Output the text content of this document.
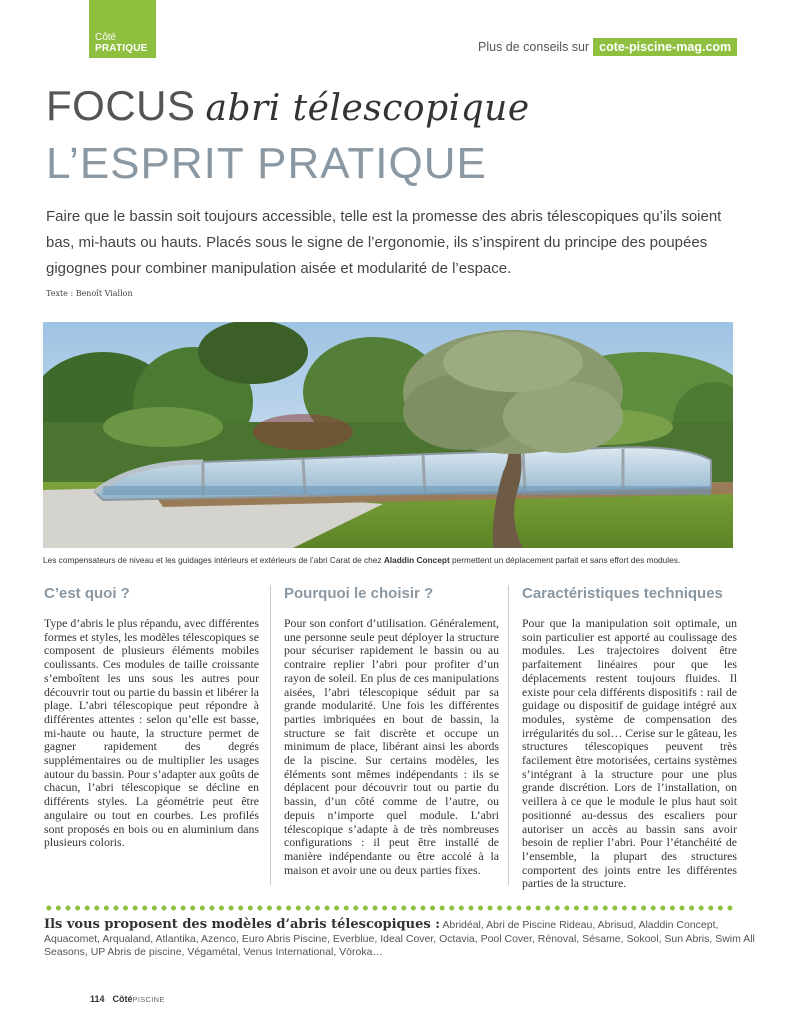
Côté
PRATIQUE	Plus de conseils sur cote-piscine-mag.com
FOCUS abri télescopique
L’ESPRIT PRATIQUE

Faire que le bassin soit toujours accessible, telle est la promesse des abris télescopiques qu’ils soient bas, mi-hauts ou hauts. Placés sous le signe de l’ergonomie, ils s’inspirent du principe des poupées gigognes pour combiner manipulation aisée et modularité de l’espace.

Texte : Benoît Viallon
Les compensateurs de niveau et les guidages intérieurs et extérieurs de l’abri Carat de chez Aladdin Concept permettent un déplacement parfait et sans effort des modules.
C’est quoi ?

Type d’abris le plus répandu, avec différentes formes et styles, les modèles télescopiques se composent de plusieurs éléments mobiles coulissants. Ces modules de taille croissante s’emboîtent les uns sous les autres pour découvrir tout ou partie du bassin et libérer la plage. L’abri télescopique peut répondre à différentes attentes : selon qu’elle est basse, mi-haute ou haute, la structure permet de gagner rapidement des degrés supplémentaires ou de multiplier les usages autour du bassin. Pour s’adapter aux goûts de chacun, l’abri télescopique se décline en différents styles. La géométrie peut être angulaire ou tout en courbes. Les profilés sont proposés en bois ou en aluminium dans plusieurs coloris.

Pourquoi le choisir ?

Pour son confort d’utilisation. Généralement, une personne seule peut déployer la structure pour sécuriser rapidement le bassin ou au contraire replier l’abri pour profiter d’un rayon de soleil. En plus de ces manipulations aisées, l’abri télescopique séduit par sa grande modularité. Une fois les différentes parties imbriquées en bout de bassin, la structure se fait discrète et occupe un minimum de place, libérant ainsi les abords de la piscine. Sur certains modèles, les éléments sont mêmes indépendants : ils se déplacent pour découvrir tout ou partie du bassin, d’un côté comme de l’autre, ou depuis n’importe quel module. L’abri télescopique s’adapte à de très nombreuses configurations : il peut être installé de manière indépendante ou être accolé à la maison et avoir une ou deux parties fixes.

Caractéristiques techniques

Pour que la manipulation soit optimale, un soin particulier est apporté au coulissage des modules. Les trajectoires doivent être parfaitement linéaires pour que les déplacements restent toujours fluides. Il existe pour cela différents dispositifs : rail de guidage ou dispositif de guidage intégré aux modules, système de compensation des irrégularités du sol… Cerise sur le gâteau, les structures télescopiques peuvent très facilement être motorisées, certains systèmes s’intégrant à la structure pour une plus grande discrétion. Lors de l’installation, on veillera à ce que le module le plus haut soit positionné au-dessus des escaliers pour autoriser un accès au bassin sans avoir besoin de replier l’abri. Pour l’étanchéité de l’ensemble, la plupart des structures comportent des joints entre les différentes parties de la structure.

Ils vous proposent des modèles d’abris télescopiques : Abridéal, Abri de Piscine Rideau, Abrisud, Aladdin Concept, Aquacomet, Arqualand, Atlantika, Azenco, Euro Abris Piscine, Everblue, Ideal Cover, Octavia, Pool Cover, Rénoval, Sésame, Sokool, Sun Abris, Swim All Seasons, UP Abris de piscine, Végamétal, Venus International, Vöroka…
114 CôtéPISCINE
